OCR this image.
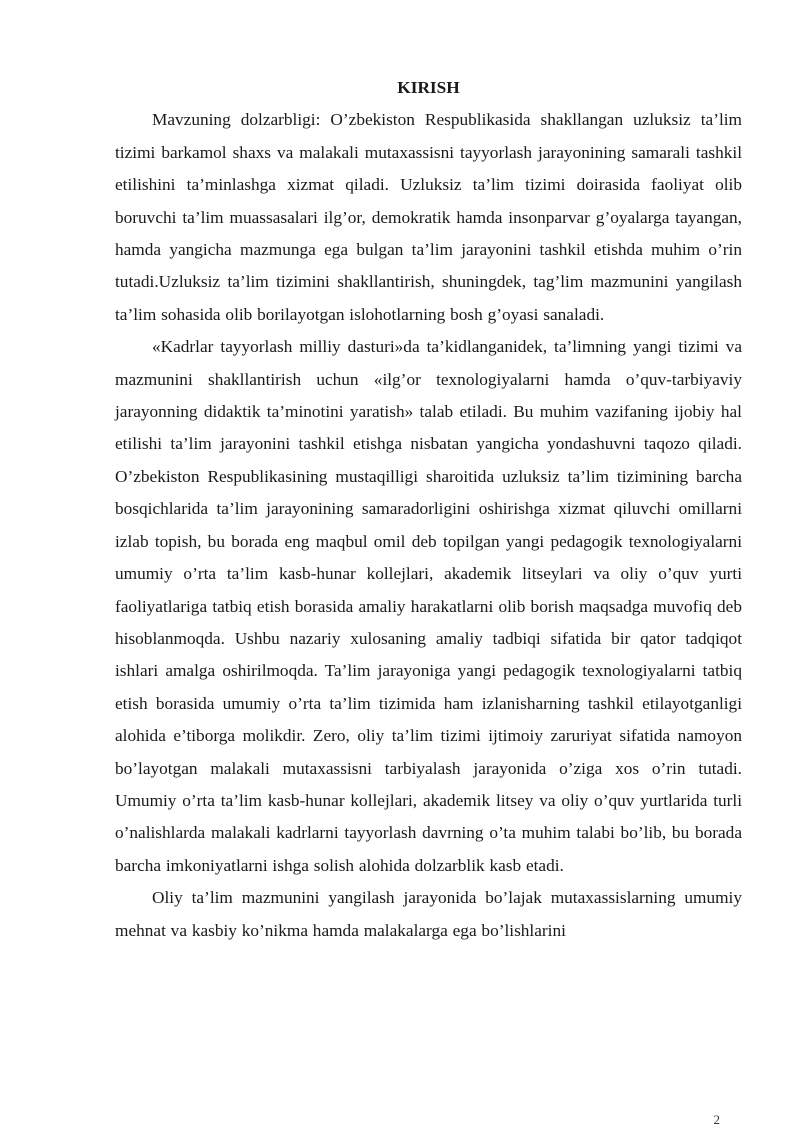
KIRISH

Mavzuning dolzarbligi: O’zbekiston Respublikasida shakllangan uzluksiz ta’lim tizimi barkamol shaxs va malakali mutaxassisni tayyorlash jarayonining samarali tashkil etilishini ta’minlashga xizmat qiladi. Uzluksiz ta’lim tizimi doirasida faoliyat olib boruvchi ta’lim muassasalari ilg’or, demokratik hamda insonparvar g’oyalarga tayangan, hamda yangicha mazmunga ega bulgan ta’lim jarayonini tashkil etishda muhim o’rin tutadi.Uzluksiz ta’lim tizimini shakllantirish, shuningdek, tag’lim mazmunini yangilash ta’lim sohasida olib borilayotgan islohotlarning bosh g’oyasi sanaladi.

«Kadrlar tayyorlash milliy dasturi»da ta’kidlanganidek, ta’limning yangi tizimi va mazmunini shakllantirish uchun «ilg’or texnologiyalarni hamda o’quv-tarbiyaviy jarayonning didaktik ta’minotini yaratish» talab etiladi. Bu muhim vazifaning ijobiy hal etilishi ta’lim jarayonini tashkil etishga nisbatan yangicha yondashuvni taqozo qiladi. O’zbekiston Respublikasining mustaqilligi sharoitida uzluksiz ta’lim tizimining barcha bosqichlarida ta’lim jarayonining samaradorligini oshirishga xizmat qiluvchi omillarni izlab topish, bu borada eng maqbul omil deb topilgan yangi pedagogik texnologiyalarni umumiy o’rta ta’lim kasb-hunar kollejlari, akademik litseylari va oliy o’quv yurti faoliyatlariga tatbiq etish borasida amaliy harakatlarni olib borish maqsadga muvofiq deb hisoblanmoqda. Ushbu nazariy xulosaning amaliy tadbiqi sifatida bir qator tadqiqot ishlari amalga oshirilmoqda. Ta’lim jarayoniga yangi pedagogik texnologiyalarni tatbiq etish borasida umumiy o’rta ta’lim tizimida ham izlanisharning tashkil etilayotganligi alohida e’tiborga molikdir. Zero, oliy ta’lim tizimi ijtimoiy zaruriyat sifatida namoyon bo’layotgan malakali mutaxassisni tarbiyalash jarayonida o’ziga xos o’rin tutadi. Umumiy o’rta ta’lim kasb-hunar kollejlari, akademik litsey va oliy o’quv yurtlarida turli o’nalishlarda malakali kadrlarni tayyorlash davrning o’ta muhim talabi bo’lib, bu borada barcha imkoniyatlarni ishga solish alohida dolzarblik kasb etadi.

Oliy ta’lim mazmunini yangilash jarayonida bo’lajak mutaxassislarning umumiy mehnat va kasbiy ko’nikma hamda malakalarga ega bo’lishlarini

2
